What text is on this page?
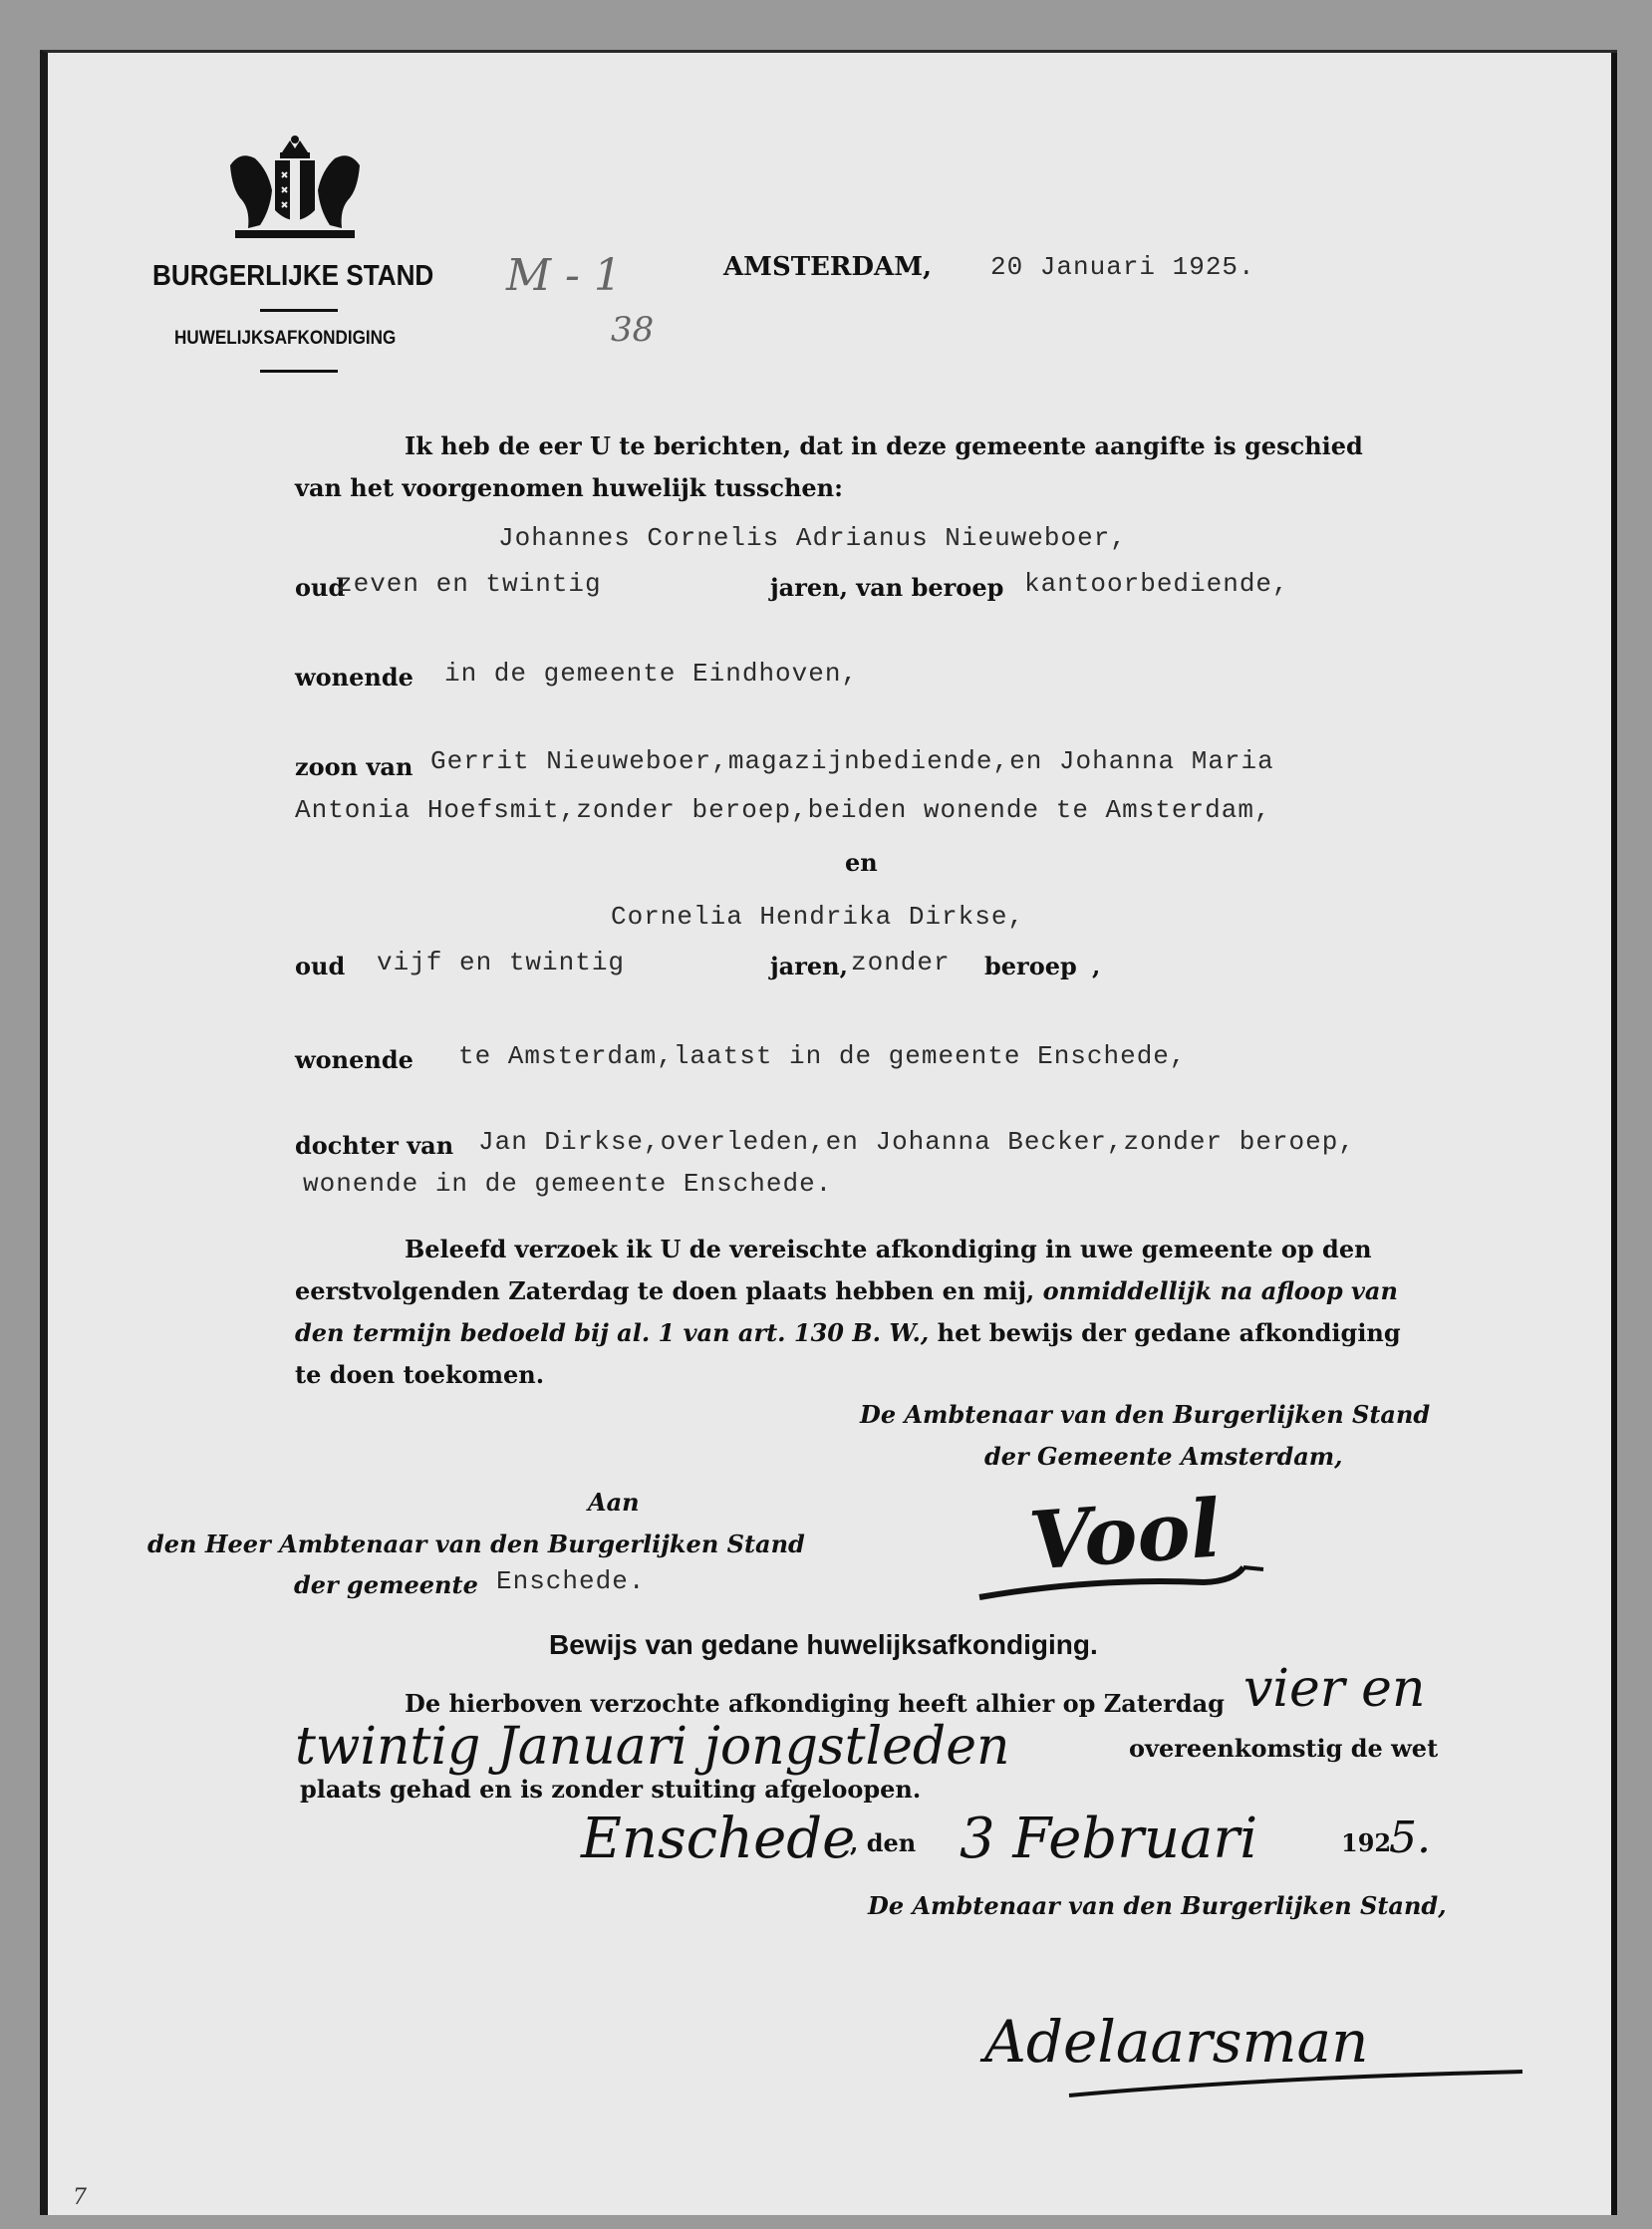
BURGERLIJKE STAND
HUWELIJKSAFKONDIGING
M - 1
38
AMSTERDAM, 20 Januari 1925.
Ik heb de eer U te berichten, dat in deze gemeente aangifte is geschied
van het voorgenomen huwelijk tusschen:
Johannes Cornelis Adrianus Nieuweboer,
oud
zeven en twintig	jaren, van beroep kantoorbediende,
wonende in de gemeente Eindhoven,
zoon van Gerrit Nieuweboer,magazijnbediende,en Johanna Maria
Antonia Hoefsmit,zonder beroep,beiden wonende te Amsterdam,
en
Cornelia Hendrika Dirkse,
oud vijf en twintig	jaren, zonder beroep ,
wonende te Amsterdam,laatst in de gemeente Enschede,
dochter van Jan Dirkse,overleden,en Johanna Becker,zonder beroep,
wonende in de gemeente Enschede.
Beleefd verzoek ik U de vereischte afkondiging in uwe gemeente op den
eerstvolgenden Zaterdag te doen plaats hebben en mij, onmiddellijk na afloop van
den termijn bedoeld bij al. 1 van art. 130 B. W., het bewijs der gedane afkondiging
te doen toekomen.
De Ambtenaar van den Burgerlijken Stand
der Gemeente Amsterdam,
Vool
Aan
den Heer Ambtenaar van den Burgerlijken Stand
der gemeente Enschede.
Bewijs van gedane huwelijksafkondiging.
De hierboven verzochte afkondiging heeft alhier op Zaterdag vier en
twintig Januari jongstleden	overeenkomstig de wet
plaats gehad en is zonder stuiting afgeloopen.
Enschede
, den 3 Februari	192
5.
De Ambtenaar van den Burgerlijken Stand,
Adelaarsman
7
